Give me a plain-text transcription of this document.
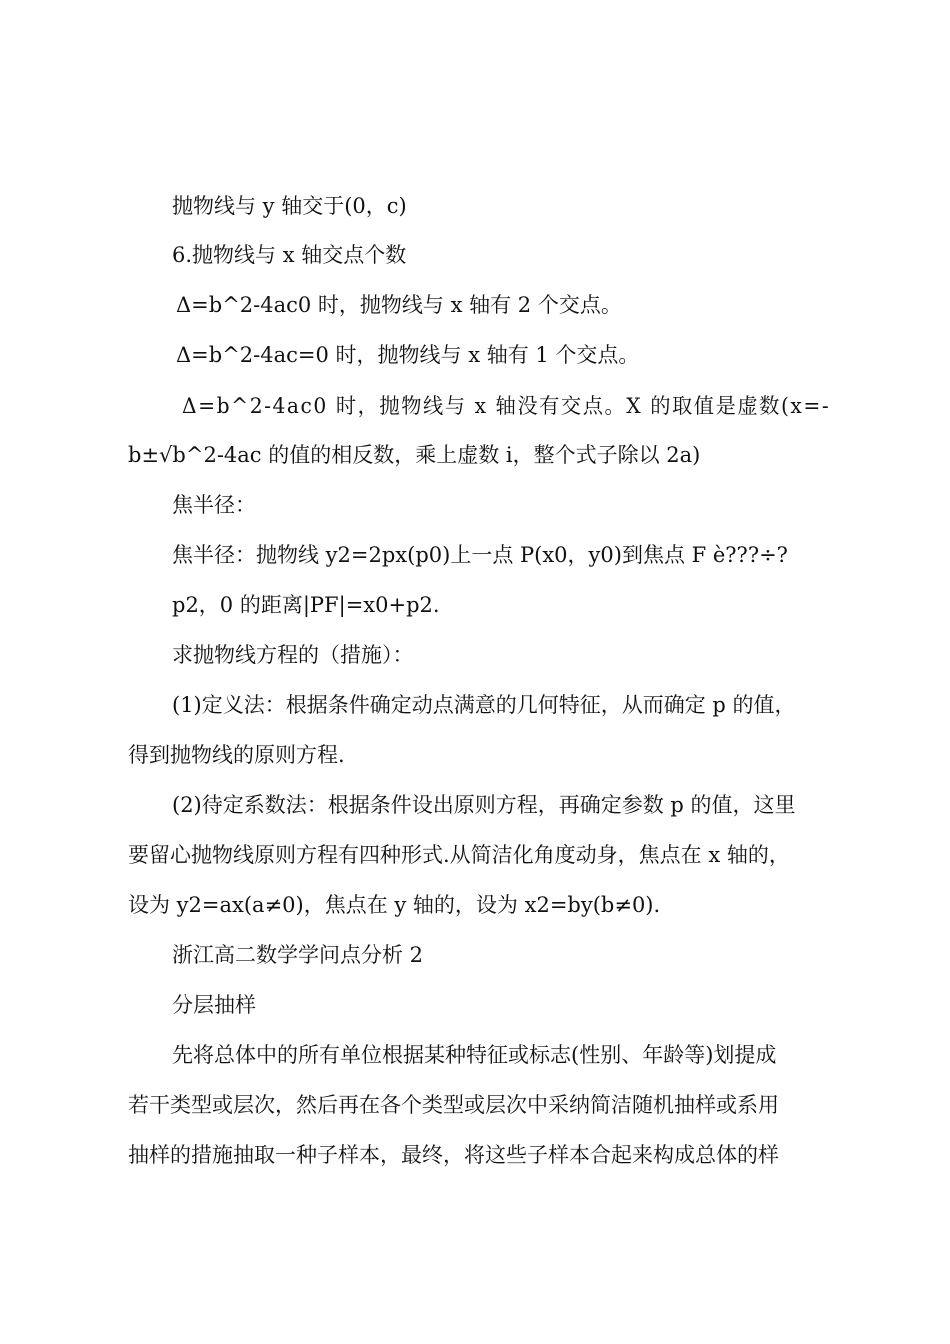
抛物线与 y 轴交于(0，c)
6.抛物线与 x 轴交点个数
Δ=b^2-4ac0 时，抛物线与 x 轴有 2 个交点。
Δ=b^2-4ac=0 时，抛物线与 x 轴有 1 个交点。
Δ=b^2-4ac0 时，抛物线与 x 轴没有交点。X 的取值是虚数(x=-
b±√b^2-4ac 的值的相反数，乘上虚数 i，整个式子除以 2a)
焦半径：
焦半径：抛物线 y2=2px(p0)上一点 P(x0，y0)到焦点 F è???÷?
p2，0 的距离|PF|=x0+p2.
求抛物线方程的（措施）：
(1)定义法：根据条件确定动点满意的几何特征，从而确定 p 的值，
得到抛物线的原则方程.
(2)待定系数法：根据条件设出原则方程，再确定参数 p 的值，这里
要留心抛物线原则方程有四种形式.从简洁化角度动身，焦点在 x 轴的，
设为 y2=ax(a≠0)，焦点在 y 轴的，设为 x2=by(b≠0).
浙江高二数学学问点分析 2
分层抽样
先将总体中的所有单位根据某种特征或标志(性别、年龄等)划提成
若干类型或层次，然后再在各个类型或层次中采纳简洁随机抽样或系用
抽样的措施抽取一种子样本，最终，将这些子样本合起来构成总体的样
